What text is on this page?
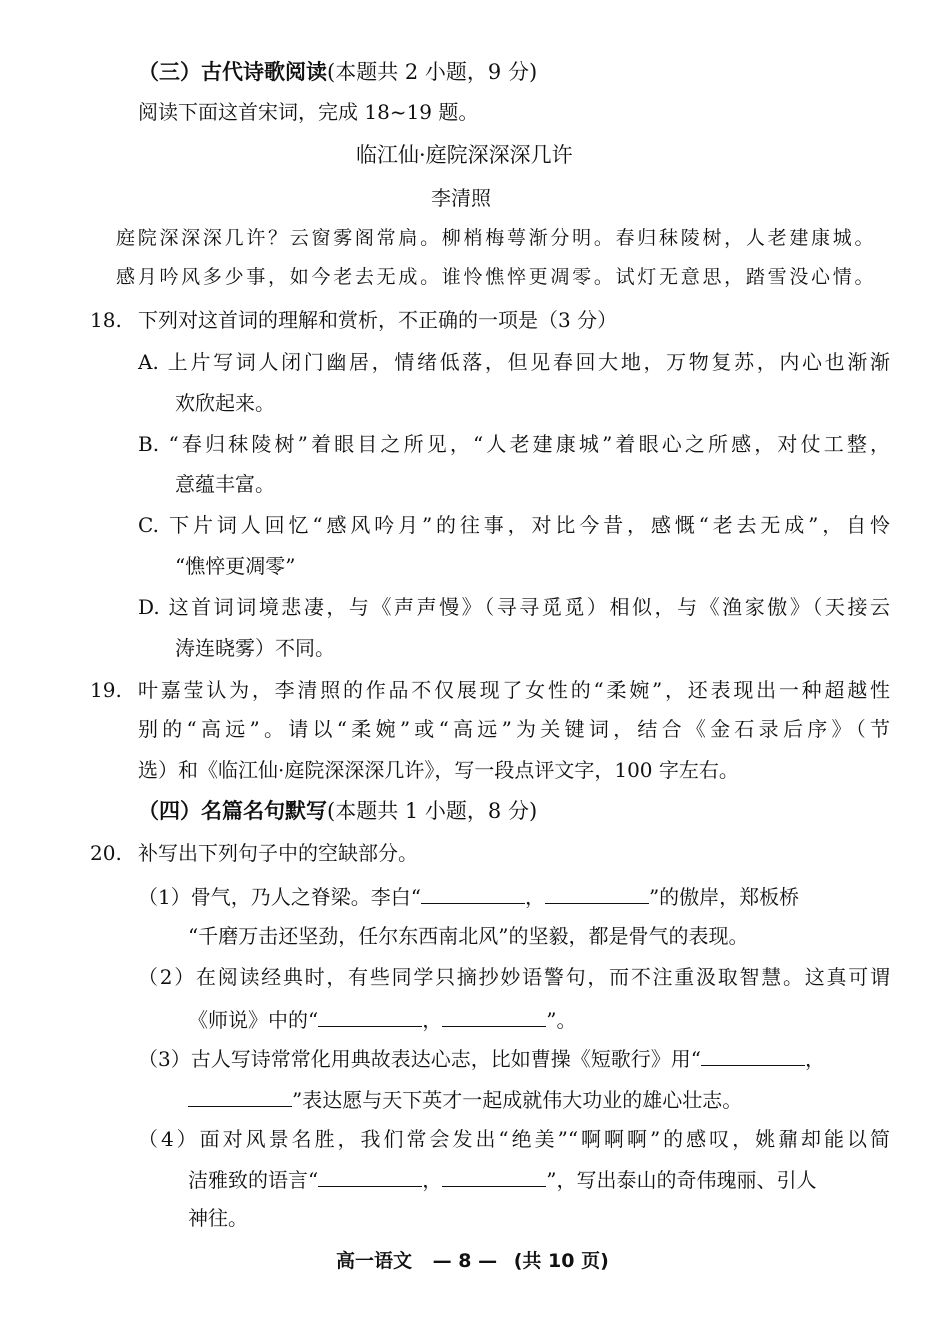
（三）古代诗歌阅读(本题共 2 小题，9 分)
阅读下面这首宋词，完成 18~19 题。
临江仙·庭院深深深几许
李清照
庭院深深深几许？云窗雾阁常扃。柳梢梅萼渐分明。春归秣陵树，人老建康城。
感月吟风多少事，如今老去无成。谁怜憔悴更凋零。试灯无意思，踏雪没心情。
18. 下列对这首词的理解和赏析，不正确的一项是（3 分）
A. 上片写词人闭门幽居，情绪低落，但见春回大地，万物复苏，内心也渐渐
欢欣起来。
B. “春归秣陵树”着眼目之所见，“人老建康城”着眼心之所感，对仗工整，
意蕴丰富。
C. 下片词人回忆“感风吟月”的往事，对比今昔，感慨“老去无成”，自怜
“憔悴更凋零”
D. 这首词词境悲凄，与《声声慢》（寻寻觅觅）相似，与《渔家傲》（天接云
涛连晓雾）不同。
19. 叶嘉莹认为，李清照的作品不仅展现了女性的“柔婉”，还表现出一种超越性
别的“高远”。请以“柔婉”或“高远”为关键词，结合《金石录后序》（节
选）和《临江仙·庭院深深深几许》，写一段点评文字，100 字左右。
（四）名篇名句默写(本题共 1 小题，8 分)
20. 补写出下列句子中的空缺部分。
（1）骨气，乃人之脊梁。李白“	，	”的傲岸，郑板桥
“千磨万击还坚劲，任尔东西南北风”的坚毅，都是骨气的表现。
（2）在阅读经典时，有些同学只摘抄妙语警句，而不注重汲取智慧。这真可谓
《师说》中的“	，	”。
（3）古人写诗常常化用典故表达心志，比如曹操《短歌行》用“	，
”表达愿与天下英才一起成就伟大功业的雄心壮志。
（4）面对风景名胜，我们常会发出“绝美”“啊啊啊”的感叹，姚鼐却能以简
洁雅致的语言“	，	”，写出泰山的奇伟瑰丽、引人
神往。
高一语文 — 8 — (共 10 页)
